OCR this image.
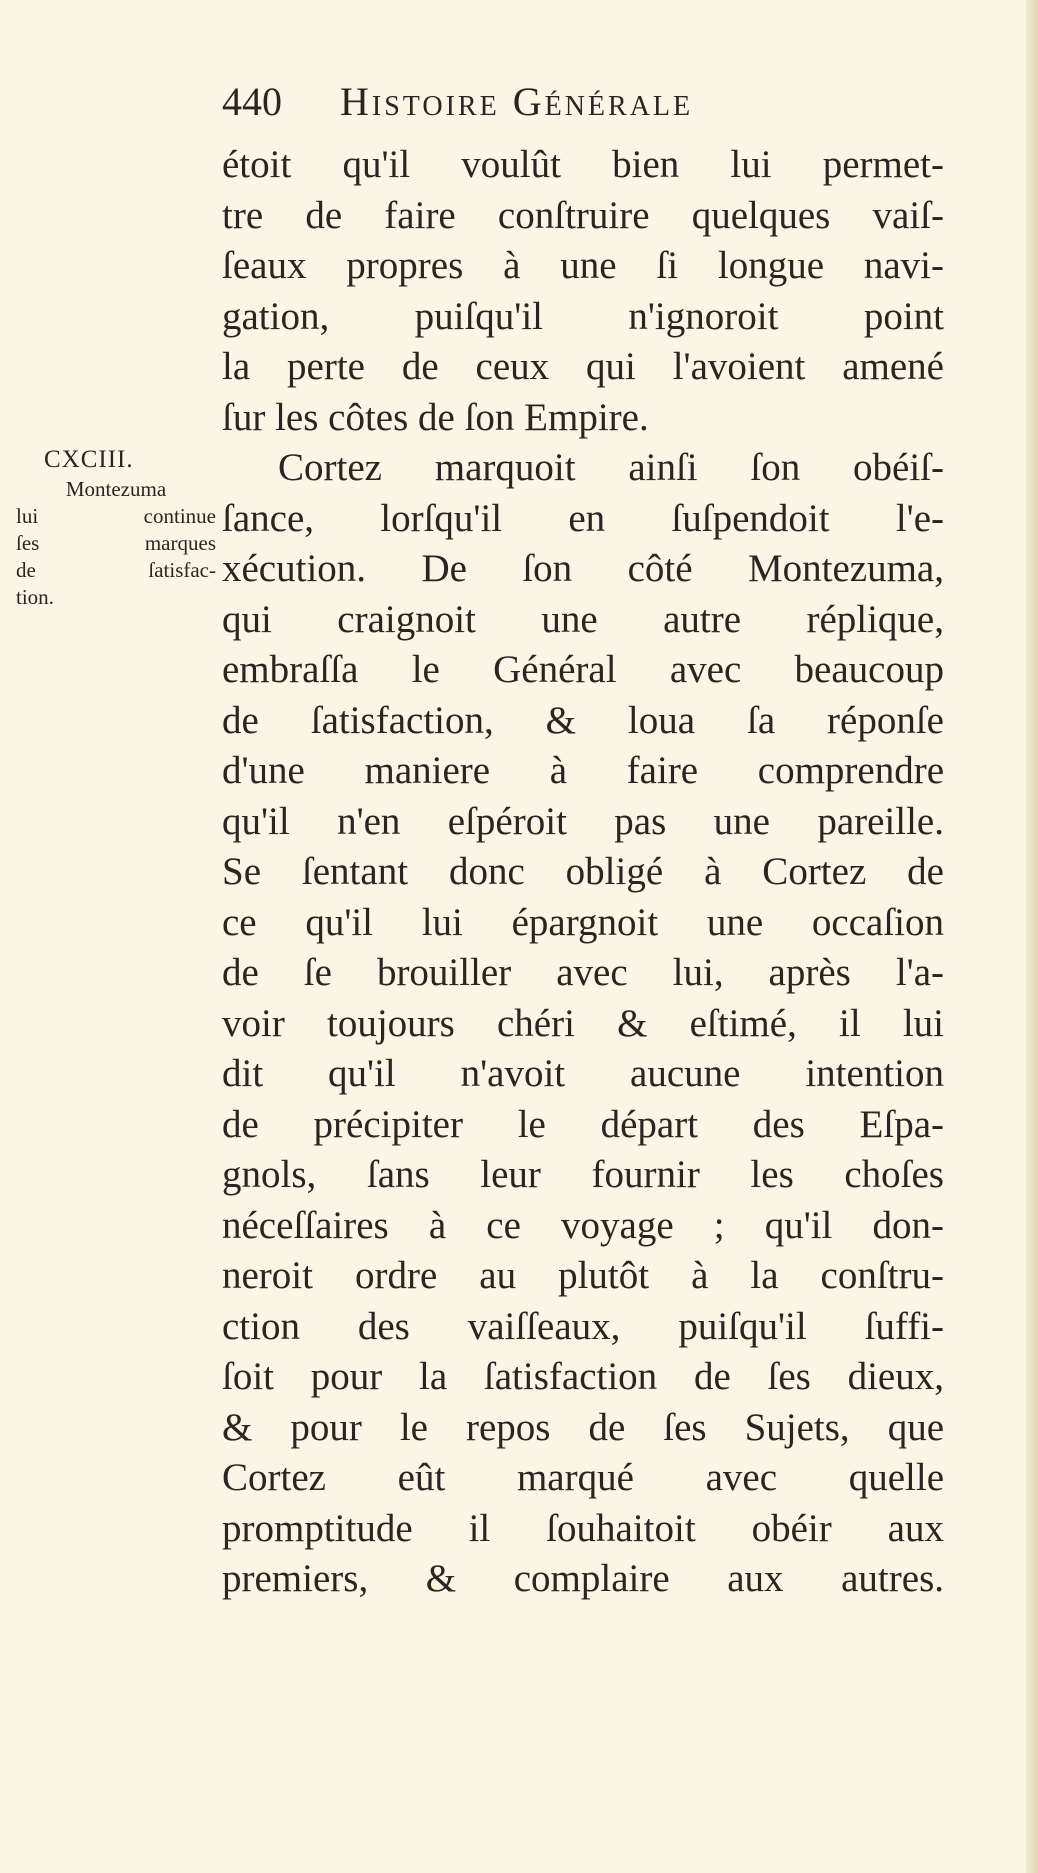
440 Histoire Générale
CXCIII.
Montezuma
lui continue
ſes marques
de ſatisfac-
tion.
étoit qu'il voulût bien lui permet-
tre de faire conſtruire quelques vaiſ-
ſeaux propres à une ſi longue navi-
gation, puiſqu'il n'ignoroit point
la perte de ceux qui l'avoient amené
ſur les côtes de ſon Empire.
Cortez marquoit ainſi ſon obéiſ-
ſance, lorſqu'il en ſuſpendoit l'e-
xécution. De ſon côté Montezuma,
qui craignoit une autre réplique,
embraſſa le Général avec beaucoup
de ſatisfaction, & loua ſa réponſe
d'une maniere à faire comprendre
qu'il n'en eſpéroit pas une pareille.
Se ſentant donc obligé à Cortez de
ce qu'il lui épargnoit une occaſion
de ſe brouiller avec lui, après l'a-
voir toujours chéri & eſtimé, il lui
dit qu'il n'avoit aucune intention
de précipiter le départ des Eſpa-
gnols, ſans leur fournir les choſes
néceſſaires à ce voyage ; qu'il don-
neroit ordre au plutôt à la conſtru-
ction des vaiſſeaux, puiſqu'il ſuffi-
ſoit pour la ſatisfaction de ſes dieux,
& pour le repos de ſes Sujets, que
Cortez eût marqué avec quelle
promptitude il ſouhaitoit obéir aux
premiers, & complaire aux autres.
